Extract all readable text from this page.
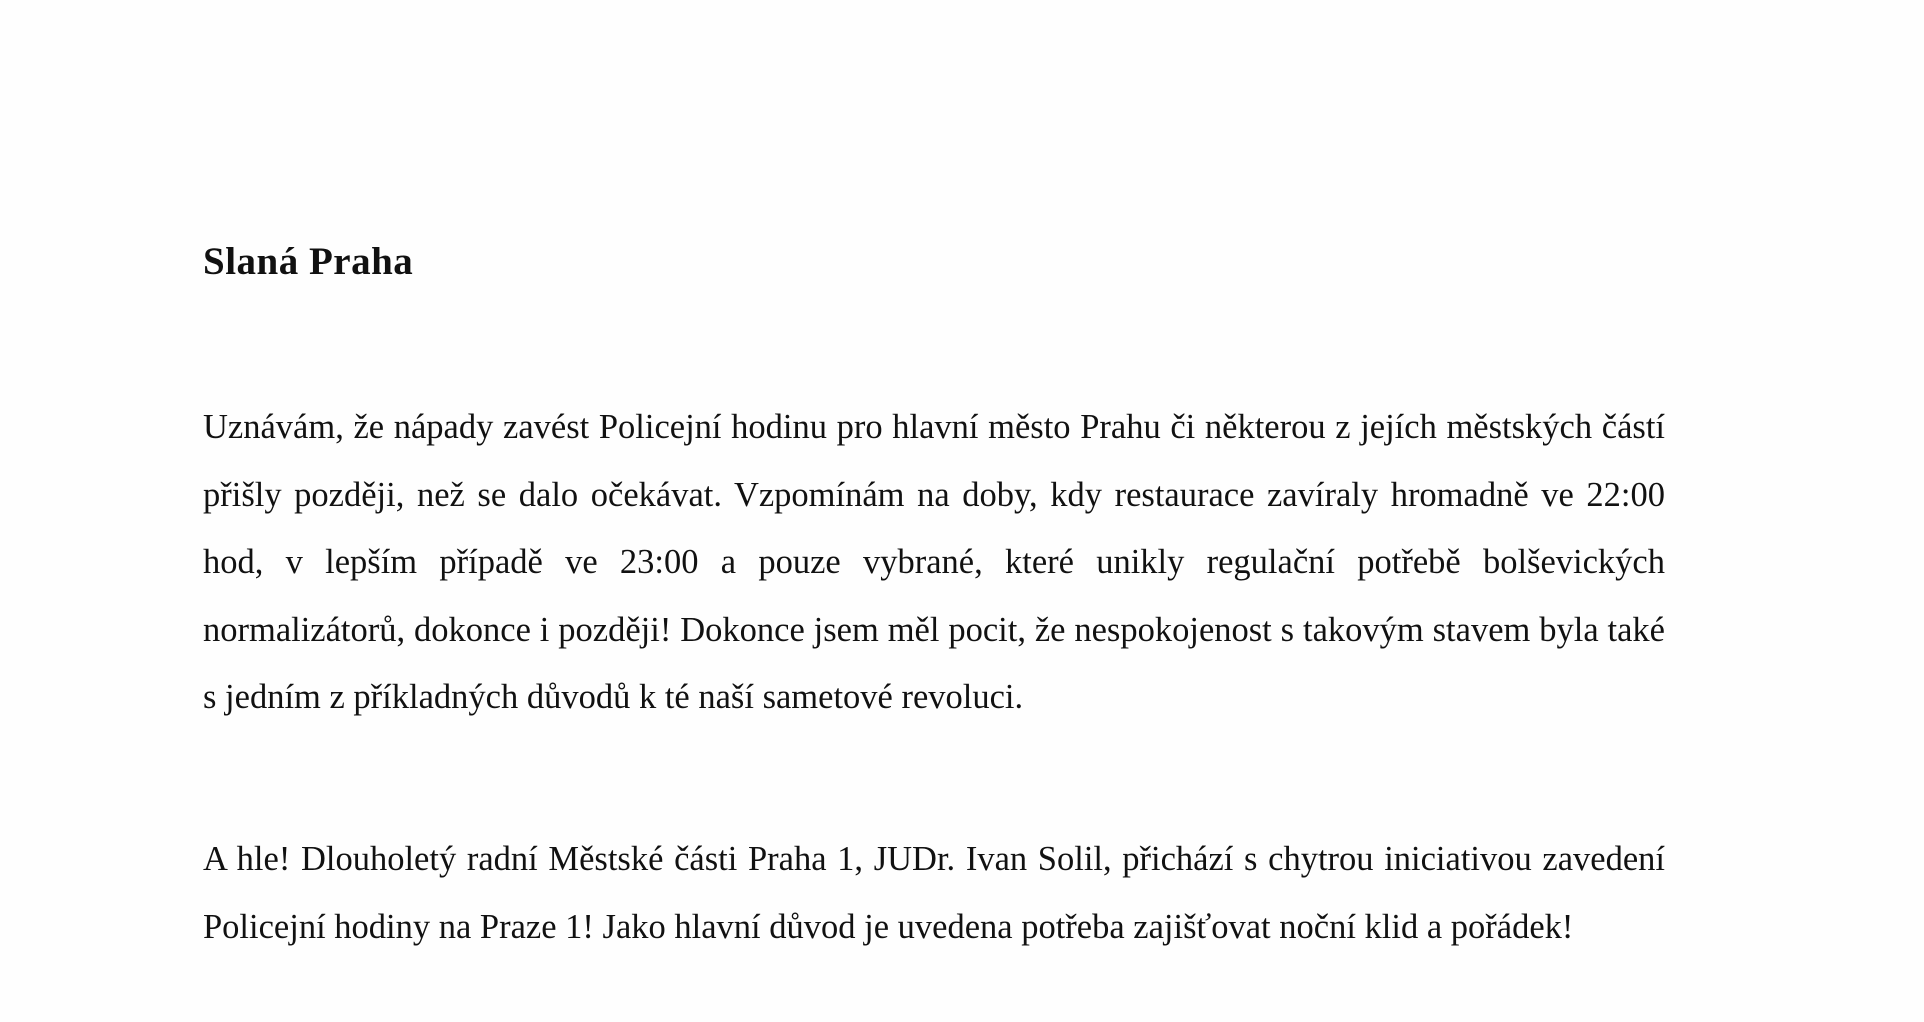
Slaná Praha

Uznávám, že nápady zavést Policejní hodinu pro hlavní město Prahu či některou z jejích městských částí přišly později, než se dalo očekávat. Vzpomínám na doby, kdy restaurace zavíraly hromadně ve 22:00 hod, v lepším případě ve 23:00 a pouze vybrané, které unikly regulační potřebě bolševických normalizátorů, dokonce i později! Dokonce jsem měl pocit, že nespokojenost s takovým stavem byla také s jedním z příkladných důvodů k té naší sametové revoluci.

A hle! Dlouholetý radní Městské části Praha 1, JUDr. Ivan Solil, přichází s chytrou iniciativou zavedení Policejní hodiny na Praze 1! Jako hlavní důvod je uvedena potřeba zajišťovat noční klid a pořádek!
